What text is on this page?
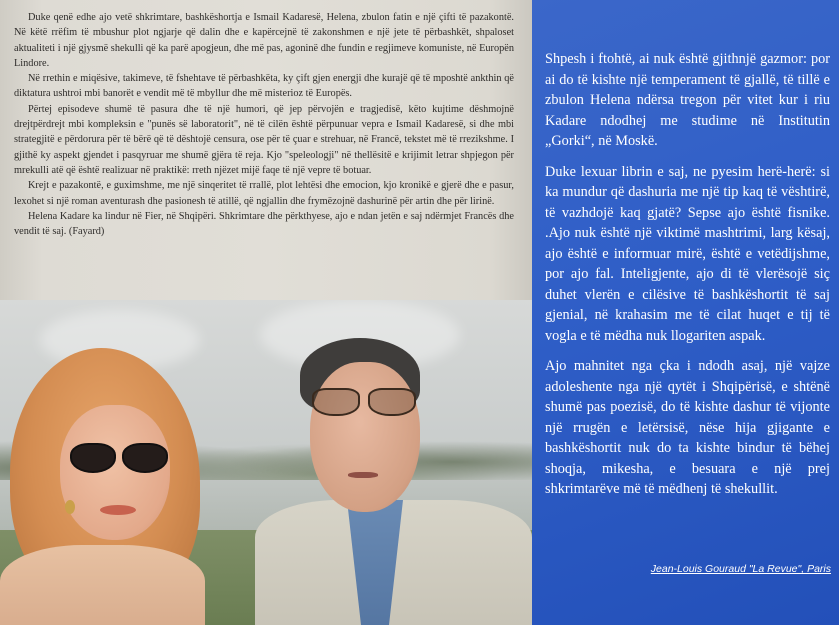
Duke qenë edhe ajo vetë shkrimtare, bashkëshortja e Ismail Kadaresë, Helena, zbulon fatin e një çifti të pazakontë. Në këtë rrëfim të mbushur plot ngjarje që dalin dhe e kapërcejnë të zakonshmen e një jete të përbashkët, shpaloset aktualiteti i një gjysmë shekulli që ka parë apogjeun, dhe më pas, agoninë dhe fundin e regjimeve komuniste, në Europën Lindore.

Në rrethin e miqësive, takimeve, të fshehtave të përbashkëta, ky çift gjen energji dhe kurajë që të mposhtë ankthin që diktatura ushtroi mbi banorët e vendit më të mbyllur dhe më misterioz të Europës.

Përtej episodeve shumë të pasura dhe të një humori, që jep përvojën e tragjedisë, këto kujtime dëshmojnë drejtpërdrejt mbi kompleksin e "punës së laboratorit", në të cilën është përpunuar vepra e Ismail Kadaresë, si dhe mbi strategjitë e përdorura për të bërë që të dështojë censura, ose për të çuar e strehuar, në Francë, tekstet më të rrezikshme. I gjithë ky aspekt gjendet i pasqyruar me shumë gjëra të reja. Kjo "speleologji" në thellësitë e krijimit letrar shpjegon për mrekulli atë që është realizuar në praktikë: rreth njëzet mijë faqe të një vepre të botuar.

Krejt e pazakontë, e guximshme, me një sinqeritet të rrallë, plot lehtësi dhe emocion, kjo kronikë e gjerë dhe e pasur, lexohet si një roman aventurash dhe pasionesh të atillë, që ngjallin dhe frymëzojnë dashurinë për artin dhe për lirinë.

Helena Kadare ka lindur në Fier, në Shqipëri. Shkrimtare dhe përkthyese, ajo e ndan jetën e saj ndërmjet Francës dhe vendit të saj. (Fayard)

Shpesh i ftohtë, ai nuk është gjithnjë gazmor: por ai do të kishte një temperament të gjallë, të tillë e zbulon Helena ndërsa tregon për vitet kur i riu Kadare ndodhej me studime në Institutin „Gorki“, në Moskë.

Duke lexuar librin e saj, ne pyesim herë-herë: si ka mundur që dashuria me një tip kaq të vështirë, të vazhdojë kaq gjatë? Sepse ajo është fisnike. .Ajo nuk është një viktimë mashtrimi, larg kësaj, ajo është e informuar mirë, është e vetëdijshme, por ajo fal. Inteligjente, ajo di të vlerësojë siç duhet vlerën e cilësive të bashkëshortit të saj gjenial, në krahasim me të cilat huqet e tij të vogla e të mëdha nuk llogariten aspak.

Ajo mahnitet nga çka i ndodh asaj, një vajze adoleshente nga një qytët i Shqipërisë, e shtënë shumë pas poezisë, do të kishte dashur të vijonte një rrugën e letërsisë, nëse hija gjigante e bashkëshortit nuk do ta kishte bindur të bëhej shoqja, mikesha, e besuara e një prej shkrimtarëve më të mëdhenj të shekullit.

Jean-Louis Gouraud "La Revue", Paris
